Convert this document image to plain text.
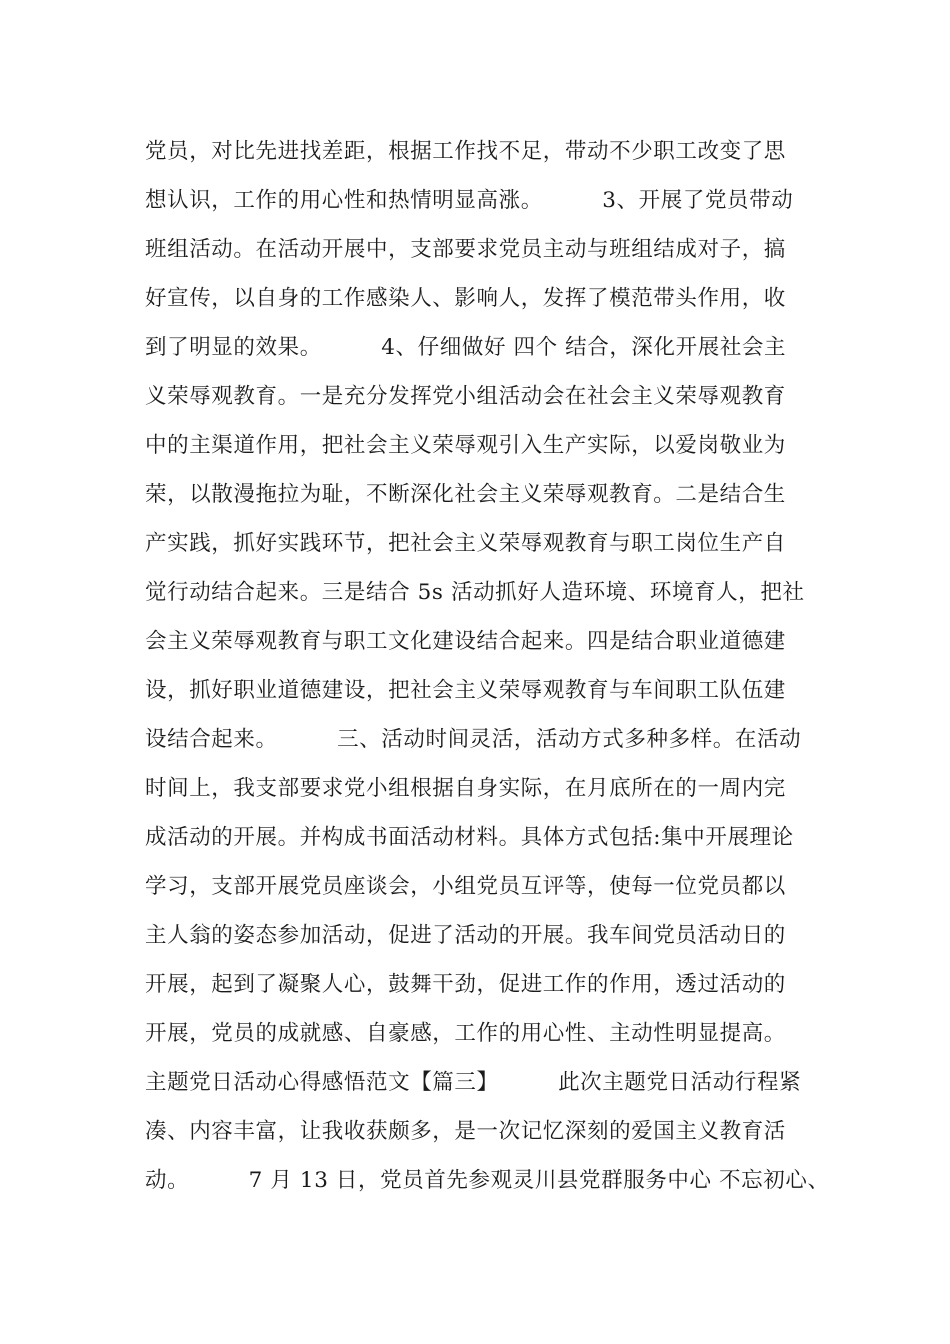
党员，对比先进找差距，根据工作找不足，带动不少职工改变了思
想认识，工作的用心性和热情明显高涨。        3、开展了党员带动
班组活动。在活动开展中，支部要求党员主动与班组结成对子，搞
好宣传，以自身的工作感染人、影响人，发挥了模范带头作用，收
到了明显的效果。        4、仔细做好 四个 结合，深化开展社会主
义荣辱观教育。一是充分发挥党小组活动会在社会主义荣辱观教育
中的主渠道作用，把社会主义荣辱观引入生产实际，以爱岗敬业为
荣，以散漫拖拉为耻，不断深化社会主义荣辱观教育。二是结合生
产实践，抓好实践环节，把社会主义荣辱观教育与职工岗位生产自
觉行动结合起来。三是结合 5s 活动抓好人造环境、环境育人，把社
会主义荣辱观教育与职工文化建设结合起来。四是结合职业道德建
设，抓好职业道德建设，把社会主义荣辱观教育与车间职工队伍建
设结合起来。        三、活动时间灵活，活动方式多种多样。在活动
时间上，我支部要求党小组根据自身实际，在月底所在的一周内完
成活动的开展。并构成书面活动材料。具体方式包括:集中开展理论
学习，支部开展党员座谈会，小组党员互评等，使每一位党员都以
主人翁的姿态参加活动，促进了活动的开展。我车间党员活动日的
开展，起到了凝聚人心，鼓舞干劲，促进工作的作用，透过活动的
开展，党员的成就感、自豪感，工作的用心性、主动性明显提高。
主题党日活动心得感悟范文【篇三】        此次主题党日活动行程紧
凑、内容丰富，让我收获颇多，是一次记忆深刻的爱国主义教育活
动。        7 月 13 日，党员首先参观灵川县党群服务中心 不忘初心、
